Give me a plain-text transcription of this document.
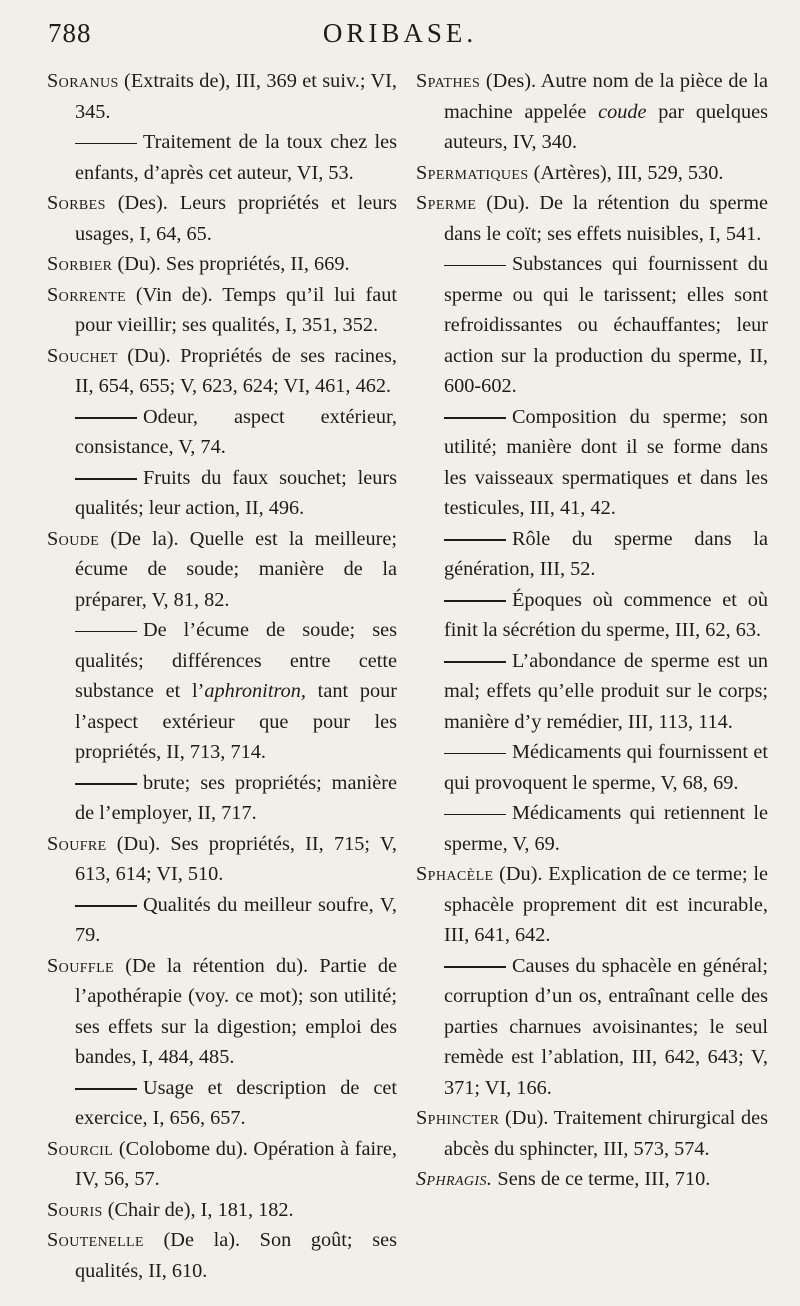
788	ORIBASE.

Soranus (Extraits de), III, 369 et suiv.; VI, 345.

Traitement de la toux chez les enfants, d’après cet auteur, VI, 53.

Sorbes (Des). Leurs propriétés et leurs usages, I, 64, 65.

Sorbier (Du). Ses propriétés, II, 669.

Sorrente (Vin de). Temps qu’il lui faut pour vieillir; ses qualités, I, 351, 352.

Souchet (Du). Propriétés de ses racines, II, 654, 655; V, 623, 624; VI, 461, 462.

Odeur, aspect extérieur, consistance, V, 74.

Fruits du faux souchet; leurs qualités; leur action, II, 496.

Soude (De la). Quelle est la meilleure; écume de soude; manière de la préparer, V, 81, 82.

De l’écume de soude; ses qualités; différences entre cette substance et l’aphronitron, tant pour l’aspect extérieur que pour les propriétés, II, 713, 714.

brute; ses propriétés; manière de l’employer, II, 717.

Soufre (Du). Ses propriétés, II, 715; V, 613, 614; VI, 510.

Qualités du meilleur soufre, V, 79.

Souffle (De la rétention du). Partie de l’apothérapie (voy. ce mot); son utilité; ses effets sur la digestion; emploi des bandes, I, 484, 485.

Usage et description de cet exercice, I, 656, 657.

Sourcil (Colobome du). Opération à faire, IV, 56, 57.

Souris (Chair de), I, 181, 182.

Soutenelle (De la). Son goût; ses qualités, II, 610.

Spathes (Des). Autre nom de la pièce de la machine appelée coude par quelques auteurs, IV, 340.

Spermatiques (Artères), III, 529, 530.

Sperme (Du). De la rétention du sperme dans le coït; ses effets nuisibles, I, 541.

Substances qui fournissent du sperme ou qui le tarissent; elles sont refroidissantes ou échauffantes; leur action sur la production du sperme, II, 600-602.

Composition du sperme; son utilité; manière dont il se forme dans les vaisseaux spermatiques et dans les testicules, III, 41, 42.

Rôle du sperme dans la génération, III, 52.

Époques où commence et où finit la sécrétion du sperme, III, 62, 63.

L’abondance de sperme est un mal; effets qu’elle produit sur le corps; manière d’y remédier, III, 113, 114.

Médicaments qui fournissent et qui provoquent le sperme, V, 68, 69.

Médicaments qui retiennent le sperme, V, 69.

Sphacèle (Du). Explication de ce terme; le sphacèle proprement dit est incurable, III, 641, 642.

Causes du sphacèle en général; corruption d’un os, entraînant celle des parties charnues avoisinantes; le seul remède est l’ablation, III, 642, 643; V, 371; VI, 166.

Sphincter (Du). Traitement chirurgical des abcès du sphincter, III, 573, 574.

Sphragis. Sens de ce terme, III, 710.
